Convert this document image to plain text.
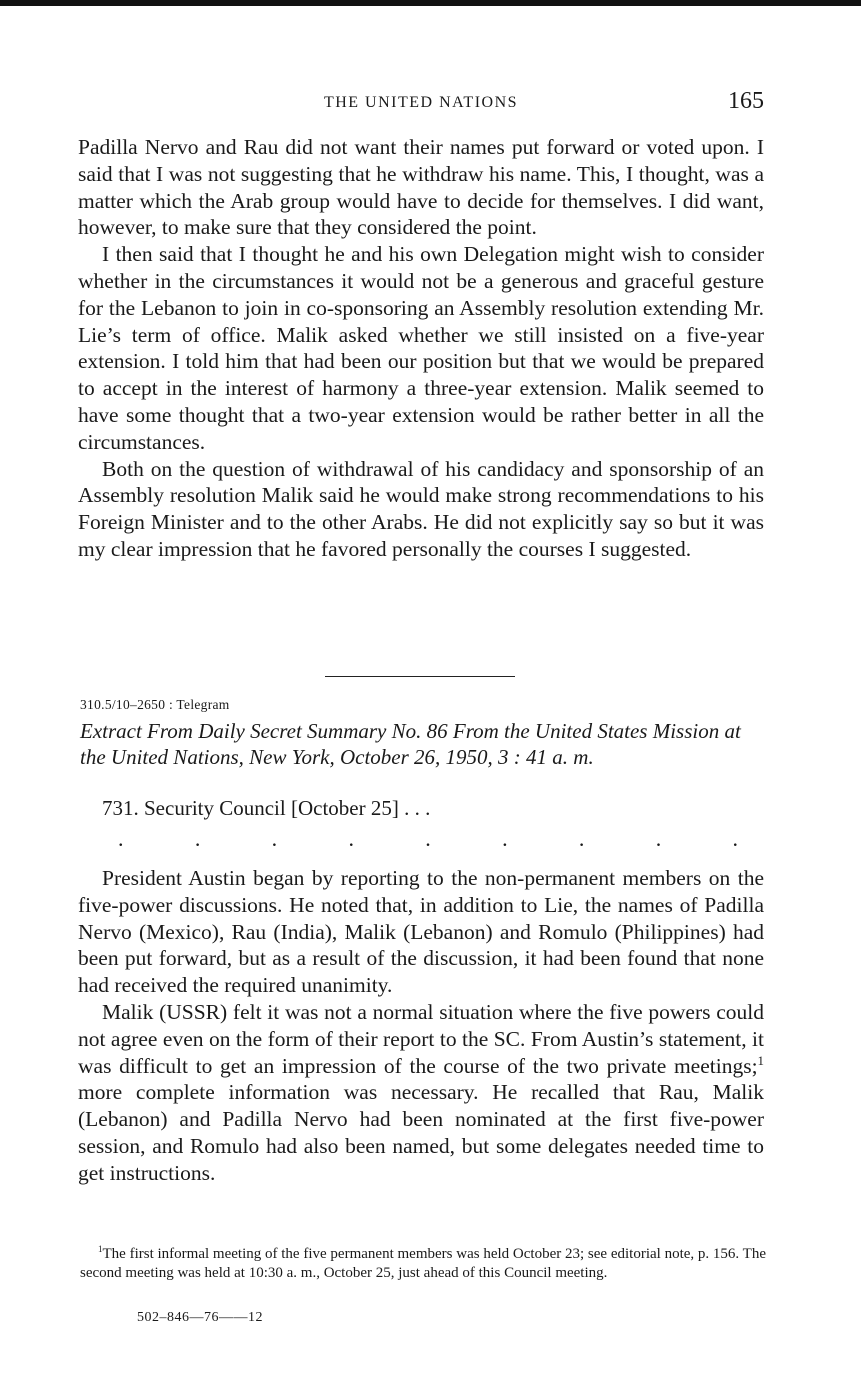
THE UNITED NATIONS	165

Padilla Nervo and Rau did not want their names put forward or voted upon. I said that I was not suggesting that he withdraw his name. This, I thought, was a matter which the Arab group would have to decide for themselves. I did want, however, to make sure that they considered the point.

I then said that I thought he and his own Delegation might wish to consider whether in the circumstances it would not be a generous and graceful gesture for the Lebanon to join in co-sponsoring an Assembly resolution extending Mr. Lie’s term of office. Malik asked whether we still insisted on a five-year extension. I told him that had been our position but that we would be prepared to accept in the interest of harmony a three-year extension. Malik seemed to have some thought that a two-year extension would be rather better in all the circumstances.

Both on the question of withdrawal of his candidacy and sponsorship of an Assembly resolution Malik said he would make strong recommendations to his Foreign Minister and to the other Arabs. He did not explicitly say so but it was my clear impression that he favored personally the courses I suggested.

310.5/10–2650 : Telegram
Extract From Daily Secret Summary No. 86 From the United States Mission at the United Nations, New York, October 26, 1950, 3 : 41 a. m.
731. Security Council [October 25] . . .
.	.	.	.	.	.	.	.	.

President Austin began by reporting to the non-permanent members on the five-power discussions. He noted that, in addition to Lie, the names of Padilla Nervo (Mexico), Rau (India), Malik (Lebanon) and Romulo (Philippines) had been put forward, but as a result of the discussion, it had been found that none had received the required unanimity.

Malik (USSR) felt it was not a normal situation where the five powers could not agree even on the form of their report to the SC. From Austin’s statement, it was difficult to get an impression of the course of the two private meetings;$^1$ more complete information was necessary. He recalled that Rau, Malik (Lebanon) and Padilla Nervo had been nominated at the first five-power session, and Romulo had also been named, but some delegates needed time to get instructions.

$^1$The first informal meeting of the five permanent members was held October 23; see editorial note, p. 156. The second meeting was held at 10:30 a. m., October 25, just ahead of this Council meeting.
502–846—76——12
